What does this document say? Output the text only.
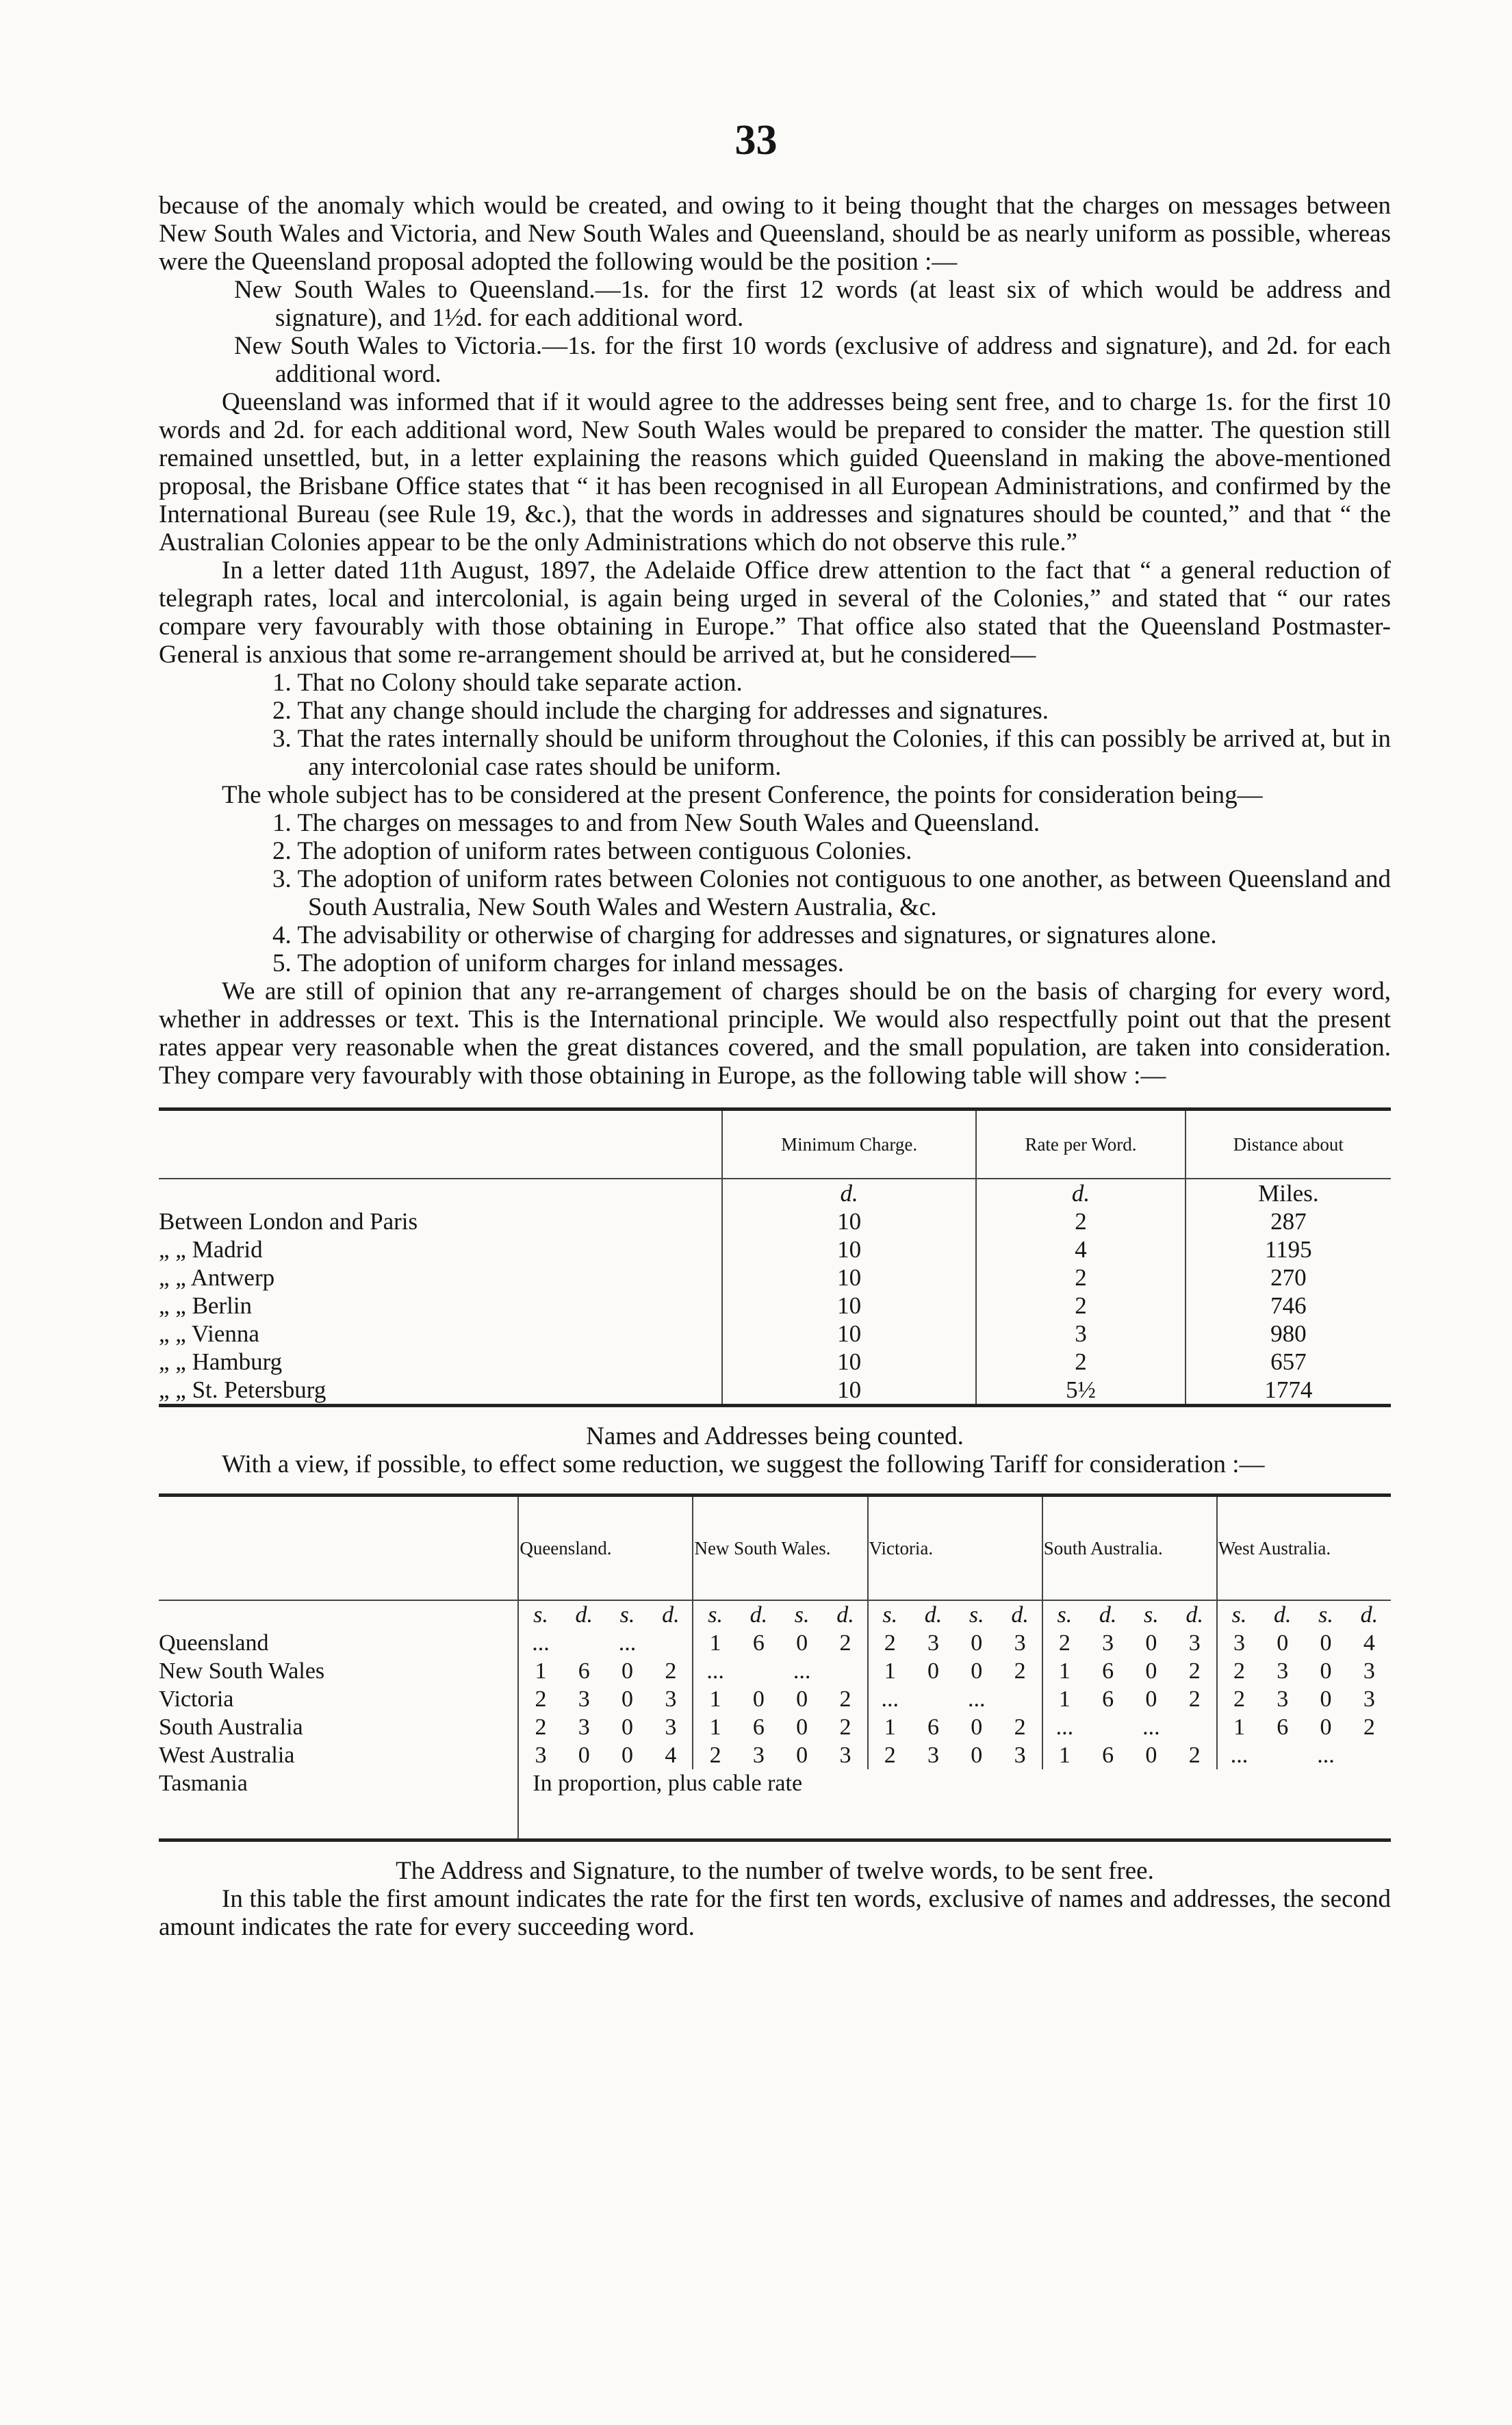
33

because of the anomaly which would be created, and owing to it being thought that the charges on messages between New South Wales and Victoria, and New South Wales and Queensland, should be as nearly uniform as possible, whereas were the Queensland proposal adopted the following would be the position :—

New South Wales to Queensland.—1s. for the first 12 words (at least six of which would be address and signature), and 1½d. for each additional word.

New South Wales to Victoria.—1s. for the first 10 words (exclusive of address and signature), and 2d. for each additional word.

Queensland was informed that if it would agree to the addresses being sent free, and to charge 1s. for the first 10 words and 2d. for each additional word, New South Wales would be prepared to consider the matter. The question still remained unsettled, but, in a letter explaining the reasons which guided Queensland in making the above-mentioned proposal, the Brisbane Office states that “ it has been recognised in all European Administrations, and confirmed by the International Bureau (see Rule 19, &c.), that the words in addresses and signatures should be counted,” and that “ the Australian Colonies appear to be the only Administrations which do not observe this rule.”

In a letter dated 11th August, 1897, the Adelaide Office drew attention to the fact that “ a general reduction of telegraph rates, local and intercolonial, is again being urged in several of the Colonies,” and stated that “ our rates compare very favourably with those obtaining in Europe.” That office also stated that the Queensland Postmaster-General is anxious that some re-arrangement should be arrived at, but he considered—

1. That no Colony should take separate action.

2. That any change should include the charging for addresses and signatures.

3. That the rates internally should be uniform throughout the Colonies, if this can possibly be arrived at, but in any intercolonial case rates should be uniform.

The whole subject has to be considered at the present Conference, the points for consideration being—

1. The charges on messages to and from New South Wales and Queensland.

2. The adoption of uniform rates between contiguous Colonies.

3. The adoption of uniform rates between Colonies not contiguous to one another, as between Queensland and South Australia, New South Wales and Western Australia, &c.

4. The advisability or otherwise of charging for addresses and signatures, or signatures alone.

5. The adoption of uniform charges for inland messages.

We are still of opinion that any re-arrangement of charges should be on the basis of charging for every word, whether in addresses or text. This is the International principle. We would also respectfully point out that the present rates appear very reasonable when the great distances covered, and the small population, are taken into consideration. They compare very favourably with those obtaining in Europe, as the following table will show :—

	Minimum Charge.	Rate per Word.	Distance about
	d.	d.	Miles.
Between London and Paris	10	2	287
„ „ Madrid	10	4	1195
„ „ Antwerp	10	2	270
„ „ Berlin	10	2	746
„ „ Vienna	10	3	980
„ „ Hamburg	10	2	657
„ „ St. Petersburg	10	5½	1774

Names and Addresses being counted.

With a view, if possible, to effect some reduction, we suggest the following Tariff for consideration :—

	Queensland.				New South Wales.				Victoria.				South Australia.				West Australia.			
	s.	d.	s.	d.	s.	d.	s.	d.	s.	d.	s.	d.	s.	d.	s.	d.	s.	d.	s.	d.
Queensland	...		...		1	6	0	2	2	3	0	3	2	3	0	3	3	0	0	4
New South Wales	1	6	0	2	...		...		1	0	0	2	1	6	0	2	2	3	0	3
Victoria	2	3	0	3	1	0	0	2	...		...		1	6	0	2	2	3	0	3
South Australia	2	3	0	3	1	6	0	2	1	6	0	2	...		...		1	6	0	2
West Australia	3	0	0	4	2	3	0	3	2	3	0	3	1	6	0	2	...		...	
Tasmania	In proportion, plus cable rate																			

The Address and Signature, to the number of twelve words, to be sent free.

In this table the first amount indicates the rate for the first ten words, exclusive of names and addresses, the second amount indicates the rate for every succeeding word.
